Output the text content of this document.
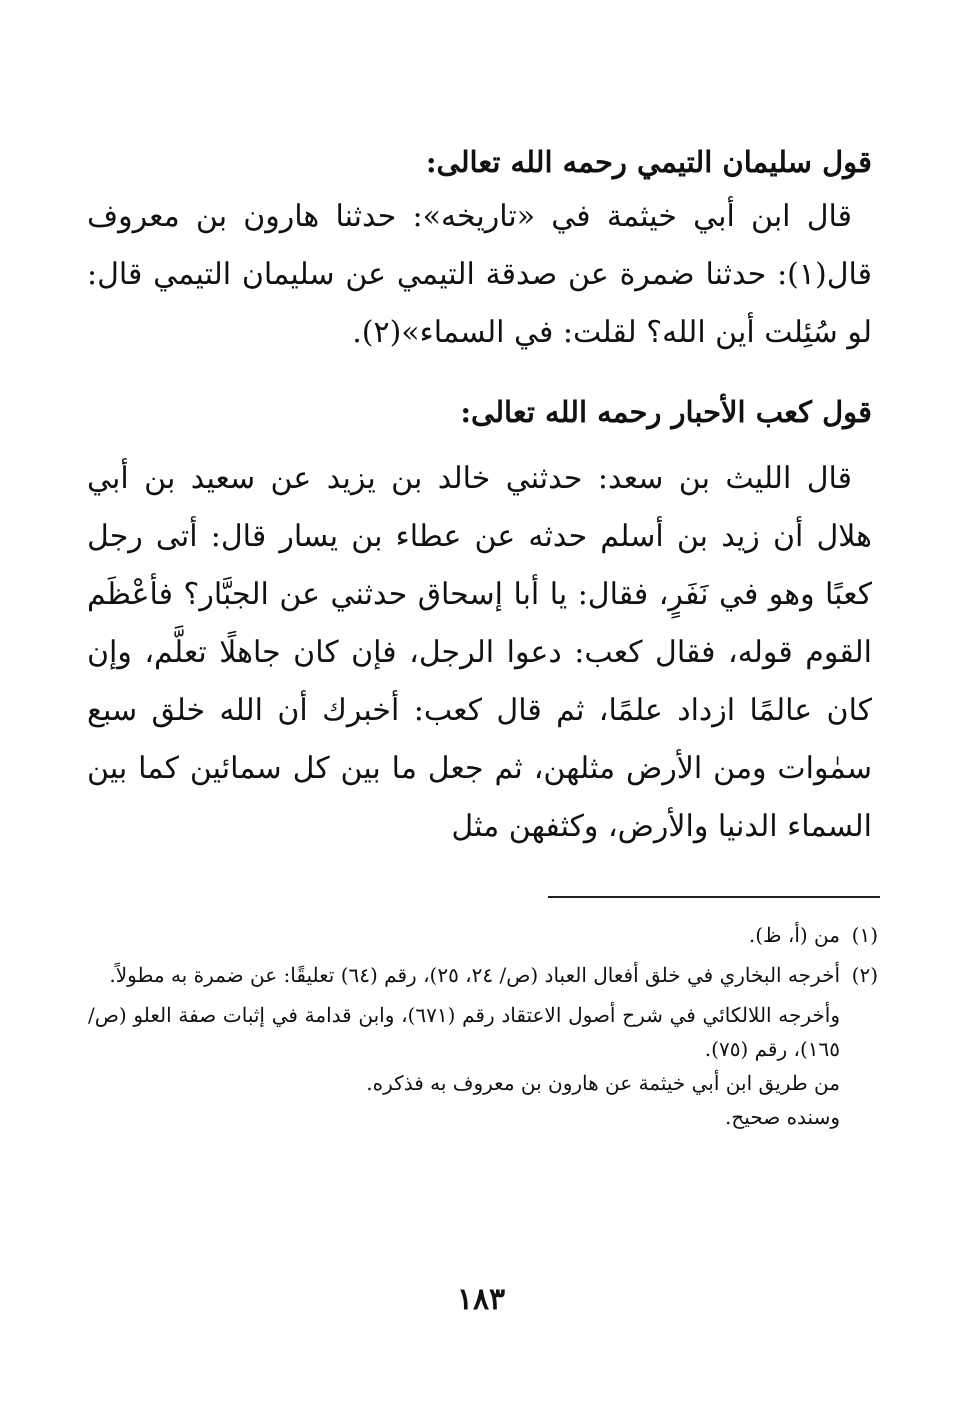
قول سليمان التيمي رحمه الله تعالى:

قال ابن أبي خيثمة في «تاريخه»: حدثنا هارون بن معروف قال(١): حدثنا ضمرة عن صدقة التيمي عن سليمان التيمي قال: لو سُئِلت أين الله؟ لقلت: في السماء»(٢).

قول كعب الأحبار رحمه الله تعالى:

قال الليث بن سعد: حدثني خالد بن يزيد عن سعيد بن أبي هلال أن زيد بن أسلم حدثه عن عطاء بن يسار قال: أتى رجل كعبًا وهو في نَفَرٍ، فقال: يا أبا إسحاق حدثني عن الجبَّار؟ فأعْظَم القوم قوله، فقال كعب: دعوا الرجل، فإن كان جاهلًا تعلَّم، وإن كان عالمًا ازداد علمًا، ثم قال كعب: أخبرك أن الله خلق سبع سمٰوات ومن الأرض مثلهن، ثم جعل ما بين كل سمائين كما بين السماء الدنيا والأرض، وكثفهن مثل

(١)
من (أ، ظ).
(٢)
أخرجه البخاري في خلق أفعال العباد (ص/ ٢٤، ٢٥)، رقم (٦٤) تعليقًا: عن ضمرة به مطولاً.
وأخرجه اللالكائي في شرح أصول الاعتقاد رقم (٦٧١)، وابن قدامة في إثبات صفة العلو (ص/ ١٦٥)، رقم (٧٥).
من طريق ابن أبي خيثمة عن هارون بن معروف به فذكره.
وسنده صحيح.
١٨٣
